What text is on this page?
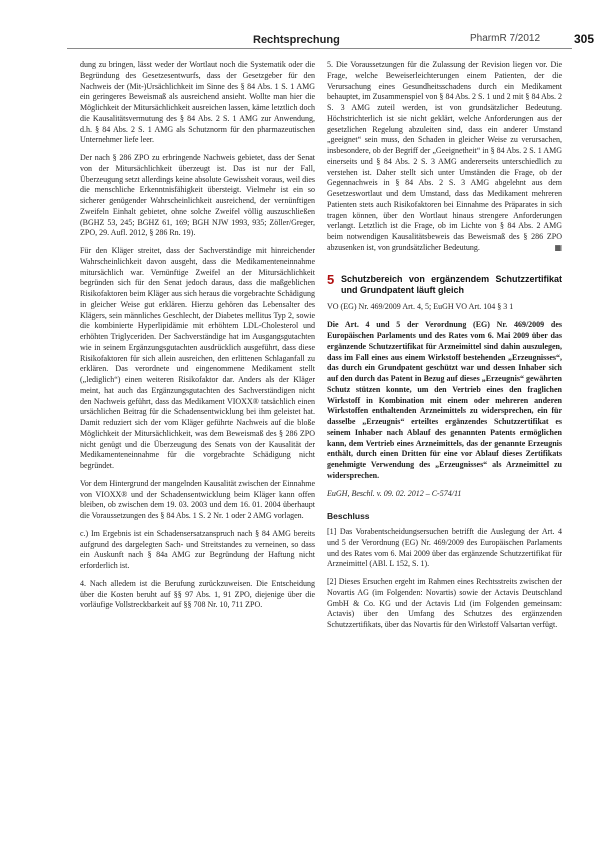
Rechtsprechung	PharmR 7/2012	305

dung zu bringen, lässt weder der Wortlaut noch die Systematik oder die Begründung des Gesetzesentwurfs, dass der Gesetzgeber für den Nachweis der (Mit-)Ursächlichkeit im Sinne des § 84 Abs. 1 S. 1 AMG ein geringeres Beweismaß als ausreichend ansieht. Wollte man hier die Möglichkeit der Mitursächlichkeit ausreichen lassen, käme letztlich doch die Kausalitätsvermutung des § 84 Abs. 2 S. 1 AMG zur Anwendung, d.h. § 84 Abs. 2 S. 1 AMG als Schutznorm für den pharmazeutischen Unternehmer liefe leer.

Der nach § 286 ZPO zu erbringende Nachweis gebietet, dass der Senat von der Mitursächlichkeit überzeugt ist. Das ist nur der Fall, Überzeugung setzt allerdings keine absolute Gewissheit voraus, weil dies die menschliche Erkenntnisfähigkeit übersteigt. Vielmehr ist ein so sicherer genügender Wahrscheinlichkeit ausreichend, der vernünftigen Zweifeln Einhalt gebietet, ohne solche Zweifel völlig auszuschließen (BGHZ 53, 245; BGHZ 61, 169; BGH NJW 1993, 935; Zöller/Greger, ZPO, 29. Aufl. 2012, § 286 Rn. 19).

Für den Kläger streitet, dass der Sachverständige mit hinreichender Wahrscheinlichkeit davon ausgeht, dass die Medikamenteneinnahme mitursächlich war. Vernünftige Zweifel an der Mitursächlichkeit begründen sich für den Senat jedoch daraus, dass die maßgeblichen Risikofaktoren beim Kläger aus sich heraus die vorgebrachte Schädigung in gleicher Weise gut erklären. Hierzu gehören das Lebensalter des Klägers, sein männliches Geschlecht, der Diabetes mellitus Typ 2, sowie die kombinierte Hyperlipidämie mit erhöhtem LDL-Cholesterol und erhöhten Triglyceriden. Der Sachverständige hat im Ausgangsgutachten wie in seinem Ergänzungsgutachten ausdrücklich ausgeführt, dass diese Risikofaktoren für sich allein ausreichen, den erlittenen Schlaganfall zu erklären. Das verordnete und eingenommene Medikament stellt („lediglich“) einen weiteren Risikofaktor dar. Anders als der Kläger meint, hat auch das Ergänzungsgutachten des Sachverständigen nicht den Nachweis geführt, dass das Medikament VIOXX® tatsächlich einen ursächlichen Beitrag für die Schadensentwicklung bei ihm geleistet hat. Damit reduziert sich der vom Kläger geführte Nachweis auf die bloße Möglichkeit der Mitursächlichkeit, was dem Beweismaß des § 286 ZPO nicht genügt und die Überzeugung des Senats von der Kausalität der Medikamenteneinnahme für die vorgebrachte Schädigung nicht begründet.

Vor dem Hintergrund der mangelnden Kausalität zwischen der Einnahme von VIOXX® und der Schadensentwicklung beim Kläger kann offen bleiben, ob zwischen dem 19. 03. 2003 und dem 16. 01. 2004 überhaupt die Voraussetzungen des § 84 Abs. 1 S. 2 Nr. 1 oder 2 AMG vorlagen.

c.) Im Ergebnis ist ein Schadensersatzanspruch nach § 84 AMG bereits aufgrund des dargelegten Sach- und Streitstandes zu verneinen, so dass ein Auskunft nach § 84a AMG zur Begründung der Haftung nicht erforderlich ist.

4. Nach alledem ist die Berufung zurückzuweisen. Die Entscheidung über die Kosten beruht auf §§ 97 Abs. 1, 91 ZPO, diejenige über die vorläufige Vollstreckbarkeit auf §§ 708 Nr. 10, 711 ZPO.

5. Die Voraussetzungen für die Zulassung der Revision liegen vor. Die Frage, welche Beweiserleichterungen einem Patienten, der die Verursachung eines Gesundheitsschadens durch ein Medikament behauptet, im Zusammenspiel von § 84 Abs. 2 S. 1 und 2 mit § 84 Abs. 2 S. 3 AMG zuteil werden, ist von grundsätzlicher Bedeutung. Höchstrichterlich ist sie nicht geklärt, welche Anforderungen aus der gesetzlichen Regelung abzuleiten sind, dass ein anderer Umstand „geeignet“ sein muss, den Schaden in gleicher Weise zu verursachen, insbesondere, ob der Begriff der „Geeignetheit“ in § 84 Abs. 2 S. 1 AMG einerseits und § 84 Abs. 2 S. 3 AMG andererseits unterschiedlich zu verstehen ist. Daher stellt sich unter Umständen die Frage, ob der Gegennachweis in § 84 Abs. 2 S. 3 AMG abgelehnt aus dem Gesetzeswortlaut und dem Umstand, dass das Medikament mehreren Patienten stets auch Risikofaktoren bei Einnahme des Präparates in sich tragen können, über den Wortlaut hinaus strengere Anforderungen verlangt. Letztlich ist die Frage, ob im Lichte von § 84 Abs. 2 AMG beim notwendigen Kausalitätsbeweis das Beweismaß des § 286 ZPO abzusenken ist, von grundsätzlicher Bedeutung.	▦

5 Schutzbereich von ergänzendem Schutzzertifikat und Grundpatent läuft gleich
VO (EG) Nr. 469/2009 Art. 4, 5; EuGH VO Art. 104 § 3 1

Die Art. 4 und 5 der Verordnung (EG) Nr. 469/2009 des Europäischen Parlaments und des Rates vom 6. Mai 2009 über das ergänzende Schutzzertifikat für Arzneimittel sind dahin auszulegen, dass im Fall eines aus einem Wirkstoff bestehenden „Erzeugnisses“, das durch ein Grundpatent geschützt war und dessen Inhaber sich auf den durch das Patent in Bezug auf dieses „Erzeugnis“ gewährten Schutz stützen konnte, um den Vertrieb eines den fraglichen Wirkstoff in Kombination mit einem oder mehreren anderen Wirkstoffen enthaltenden Arzneimittels zu widersprechen, ein für dasselbe „Erzeugnis“ erteiltes ergänzendes Schutzzertifikat es seinem Inhaber nach Ablauf des genannten Patents ermöglichen kann, dem Vertrieb eines Arzneimittels, das der genannte Erzeugnis enthält, durch einen Dritten für eine vor Ablauf dieses Zertifikats genehmigte Verwendung des „Erzeugnisses“ als Arzneimittel zu widersprechen.

EuGH, Beschl. v. 09. 02. 2012 – C-574/11
Beschluss

[1] Das Vorabentscheidungsersuchen betrifft die Auslegung der Art. 4 und 5 der Verordnung (EG) Nr. 469/2009 des Europäischen Parlaments und des Rates vom 6. Mai 2009 über das ergänzende Schutzzertifikat für Arzneimittel (ABl. L 152, S. 1).

[2] Dieses Ersuchen ergeht im Rahmen eines Rechtsstreits zwischen der Novartis AG (im Folgenden: Novartis) sowie der Actavis Deutschland GmbH & Co. KG und der Actavis Ltd (im Folgenden gemeinsam: Actavis) über den Umfang des Schutzes des ergänzenden Schutzzertifikats, über das Novartis für den Wirkstoff Valsartan verfügt.
